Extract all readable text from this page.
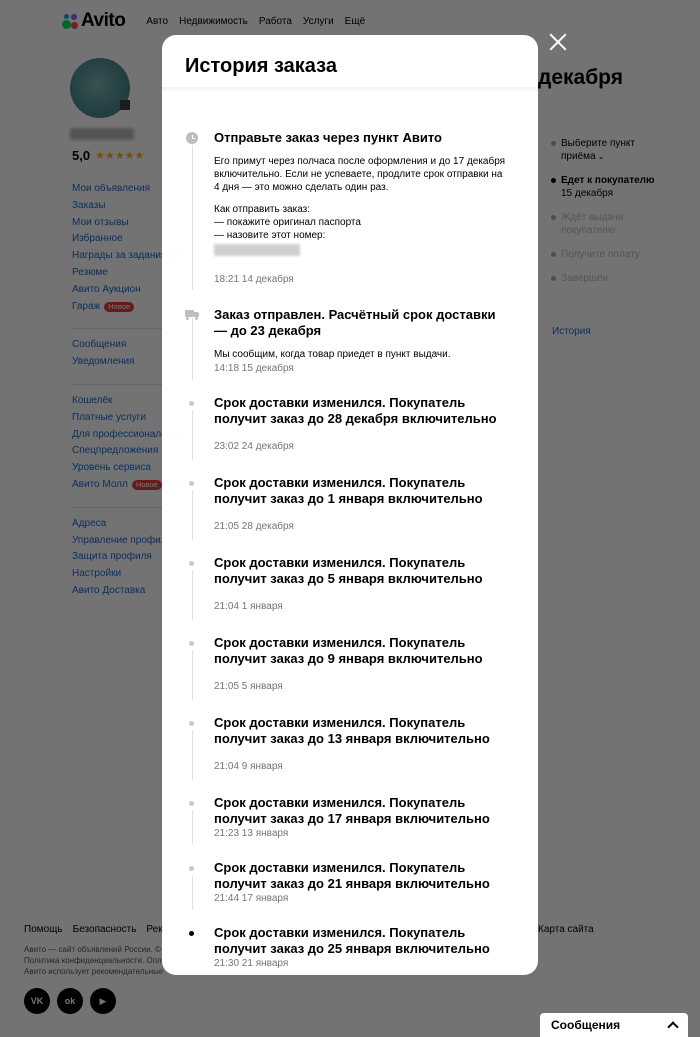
Сообщения
Отправьте заказ через пункт Авито
Его примут через полчаса после оформления и до 17 декабря включительно. Если не успеваете, продлите срок отправки на 4 дня — это можно сделать один раз.
Как отправить заказ:
— покажите оригинал паспорта
— назовите этот номер:
18:21 14 декабря
Заказ отправлен. Расчётный срок доставки — до 23 декабря
Мы сообщим, когда товар приедет в пункт выдачи.
14:18 15 декабря
Срок доставки изменился. Покупатель получит заказ до 28 декабря включительно
23:02 24 декабря
Срок доставки изменился. Покупатель получит заказ до 1 января включительно
21:05 28 декабря
Срок доставки изменился. Покупатель получит заказ до 5 января включительно
21:04 1 января
Срок доставки изменился. Покупатель получит заказ до 9 января включительно
21:05 5 января
Срок доставки изменился. Покупатель получит заказ до 13 января включительно
21:04 9 января
Срок доставки изменился. Покупатель получит заказ до 17 января включительно
21:23 13 января
Срок доставки изменился. Покупатель получит заказ до 21 января включительно
21:44 17 января
Срок доставки изменился. Покупатель получит заказ до 25 января включительно
21:30 21 января
История заказа
